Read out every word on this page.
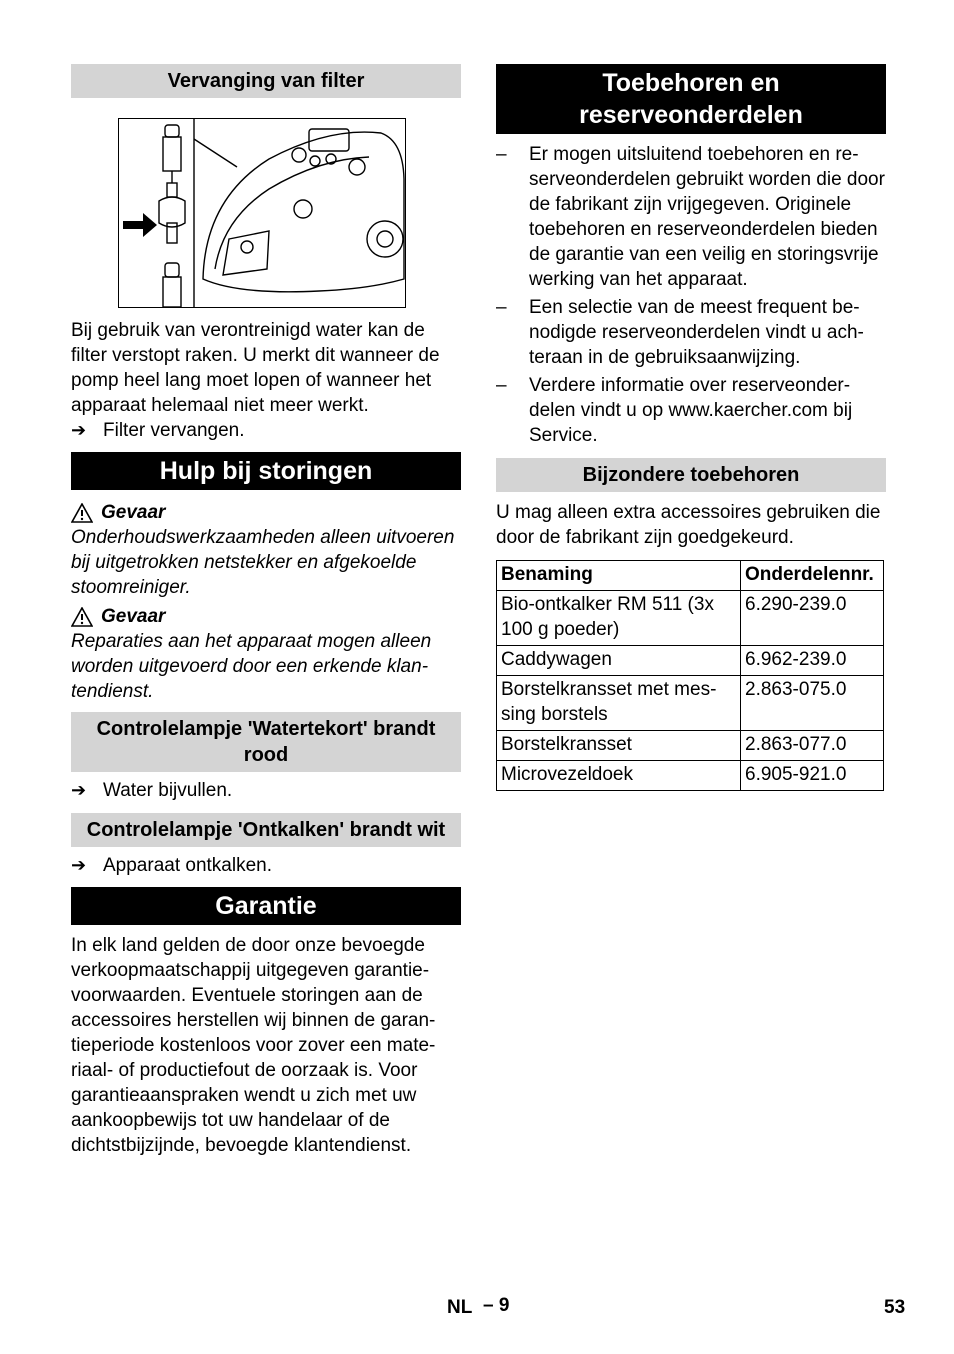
Vervanging van filter

Bij gebruik van verontreinigd water kan de filter verstopt raken. U merkt dit wanneer de pomp heel lang moet lopen of wanneer het apparaat helemaal niet meer werkt.

➔ Filter vervangen.
Hulp bij storingen
Gevaar

Onderhoudswerkzaamheden alleen uitvoeren bij uitgetrokken netstekker en afgekoelde stoomreiniger.

Gevaar

Reparaties aan het apparaat mogen alleen worden uitgevoerd door een erkende klantendienst.

Controlelampje 'Watertekort' brandt rood
➔ Water bijvullen.
Controlelampje 'Ontkalken' brandt wit
➔ Apparaat ontkalken.
Garantie

In elk land gelden de door onze bevoegde verkoopmaatschappij uitgegeven garantievoorwaarden. Eventuele storingen aan de accessoires herstellen wij binnen de garantieperiode kostenloos voor zover een materiaal- of productiefout de oorzaak is. Voor garantieaanspraken wendt u zich met uw aankoopbewijs tot uw handelaar of de dichtstbijzijnde, bevoegde klantendienst.

Toebehoren en reserveonderdelen
– Er mogen uitsluitend toebehoren en reserveonderdelen gebruikt worden die door de fabrikant zijn vrijgegeven. Originele toebehoren en reserveonderdelen bieden de garantie van een veilig en storingsvrije werking van het apparaat.
– Een selectie van de meest frequent benodigde reserveonderdelen vindt u achteraan in de gebruiksaanwijzing.
– Verdere informatie over reserveonderdelen vindt u op www.kaercher.com bij Service.
Bijzondere toebehoren

U mag alleen extra accessoires gebruiken die door de fabrikant zijn goedgekeurd.

Benaming	Onderdelennr.
Bio-ontkalker RM 511 (3x 100 g poeder)	6.290-239.0
Caddywagen	6.962-239.0
Borstelkransset met messing borstels	2.863-075.0
Borstelkransset	2.863-077.0
Microvezeldoek	6.905-921.0
NL – 9	53
